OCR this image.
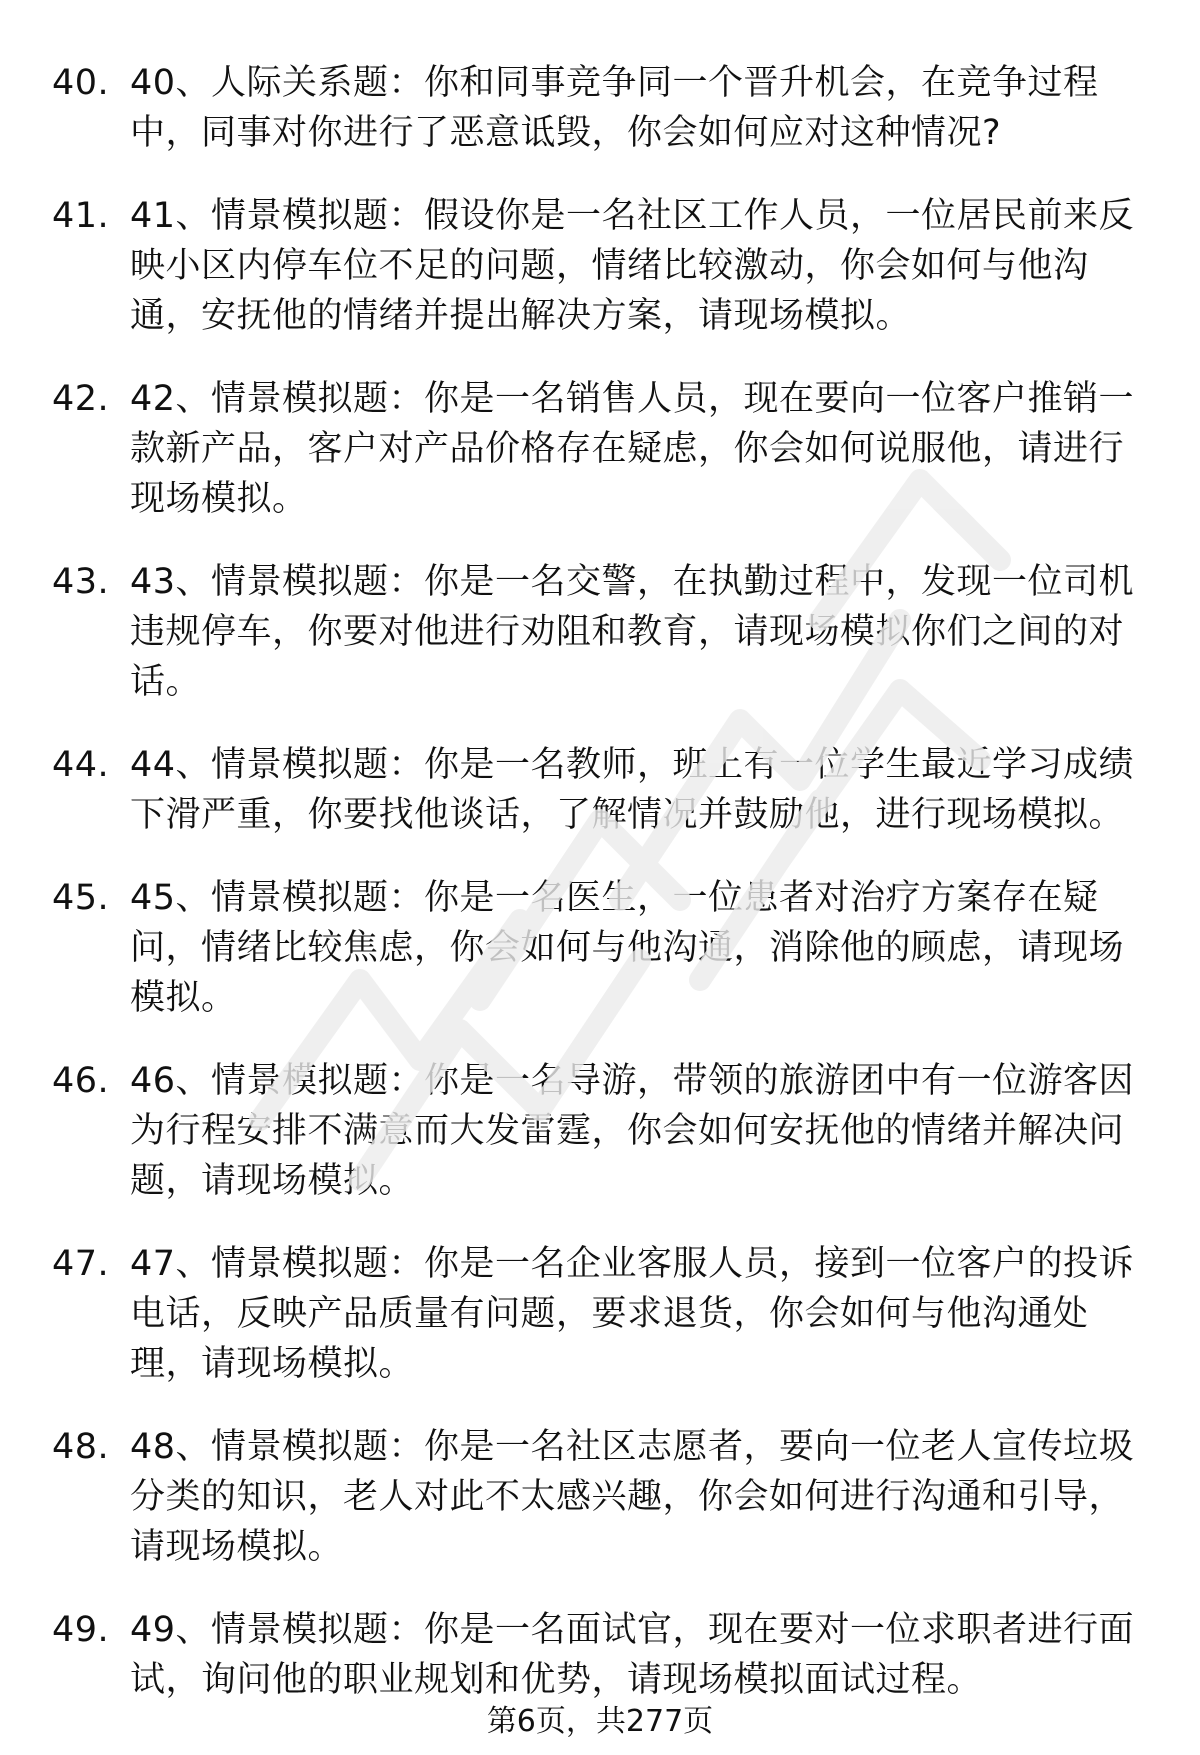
40. 40、人际关系题：你和同事竞争同一个晋升机会，在竞争过程中，同事对你进行了恶意诋毁，你会如何应对这种情况?
41. 41、情景模拟题：假设你是一名社区工作人员，一位居民前来反映小区内停车位不足的问题，情绪比较激动，你会如何与他沟通，安抚他的情绪并提出解决方案，请现场模拟。
42. 42、情景模拟题：你是一名销售人员，现在要向一位客户推销一款新产品，客户对产品价格存在疑虑，你会如何说服他，请进行现场模拟。
43. 43、情景模拟题：你是一名交警，在执勤过程中，发现一位司机违规停车，你要对他进行劝阻和教育，请现场模拟你们之间的对话。
44. 44、情景模拟题：你是一名教师，班上有一位学生最近学习成绩下滑严重，你要找他谈话，了解情况并鼓励他，进行现场模拟。
45. 45、情景模拟题：你是一名医生，一位患者对治疗方案存在疑问，情绪比较焦虑，你会如何与他沟通，消除他的顾虑，请现场模拟。
46. 46、情景模拟题：你是一名导游，带领的旅游团中有一位游客因为行程安排不满意而大发雷霆，你会如何安抚他的情绪并解决问题，请现场模拟。
47. 47、情景模拟题：你是一名企业客服人员，接到一位客户的投诉电话，反映产品质量有问题，要求退货，你会如何与他沟通处理，请现场模拟。
48. 48、情景模拟题：你是一名社区志愿者，要向一位老人宣传垃圾分类的知识，老人对此不太感兴趣，你会如何进行沟通和引导，请现场模拟。
49. 49、情景模拟题：你是一名面试官，现在要对一位求职者进行面试，询问他的职业规划和优势，请现场模拟面试过程。
第6页，共277页
